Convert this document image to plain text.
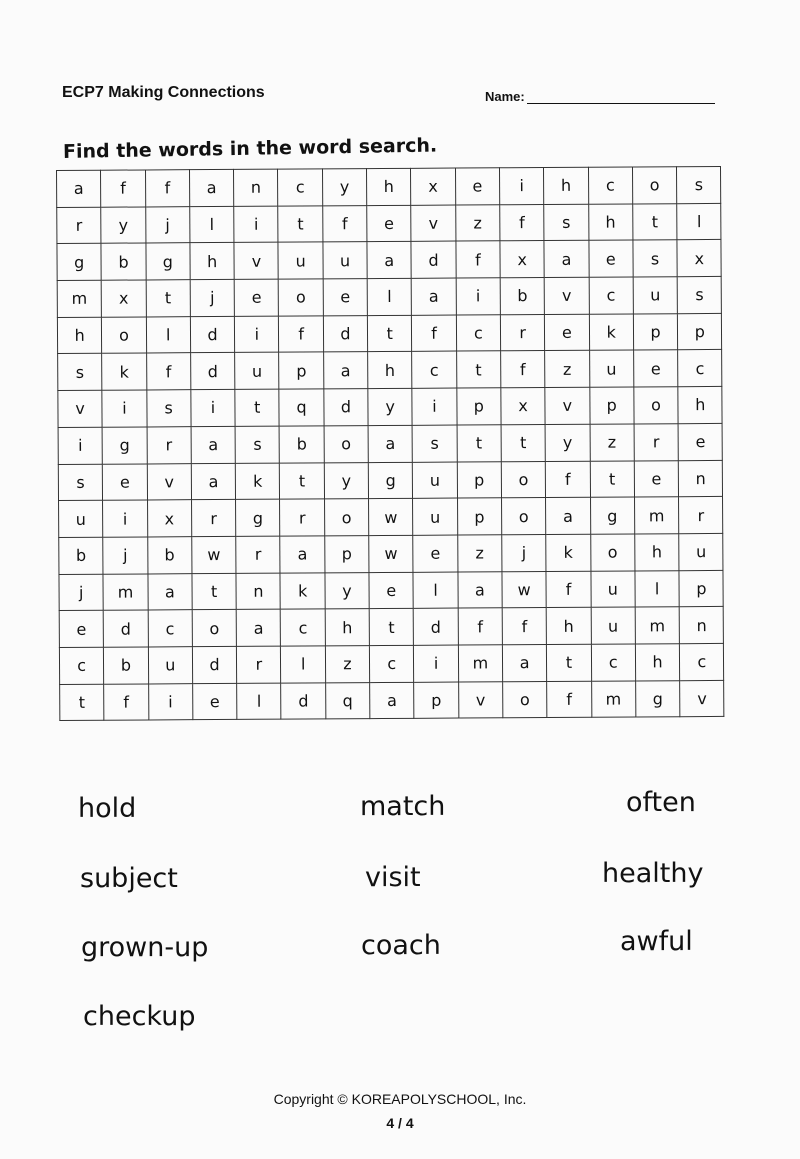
ECP7 Making Connections	Name:
Find the words in the word search.
a	f	f	a	n	c	y	h	x	e	i	h	c	o	s
r	y	j	l	i	t	f	e	v	z	f	s	h	t	l
g	b	g	h	v	u	u	a	d	f	x	a	e	s	x
m	x	t	j	e	o	e	l	a	i	b	v	c	u	s
h	o	l	d	i	f	d	t	f	c	r	e	k	p	p
s	k	f	d	u	p	a	h	c	t	f	z	u	e	c
v	i	s	i	t	q	d	y	i	p	x	v	p	o	h
i	g	r	a	s	b	o	a	s	t	t	y	z	r	e
s	e	v	a	k	t	y	g	u	p	o	f	t	e	n
u	i	x	r	g	r	o	w	u	p	o	a	g	m	r
b	j	b	w	r	a	p	w	e	z	j	k	o	h	u
j	m	a	t	n	k	y	e	l	a	w	f	u	l	p
e	d	c	o	a	c	h	t	d	f	f	h	u	m	n
c	b	u	d	r	l	z	c	i	m	a	t	c	h	c
t	f	i	e	l	d	q	a	p	v	o	f	m	g	v
hold	match	often
subject	visit	healthy
grown-up	coach	awful
checkup
Copyright © KOREAPOLYSCHOOL, Inc.
4 / 4
